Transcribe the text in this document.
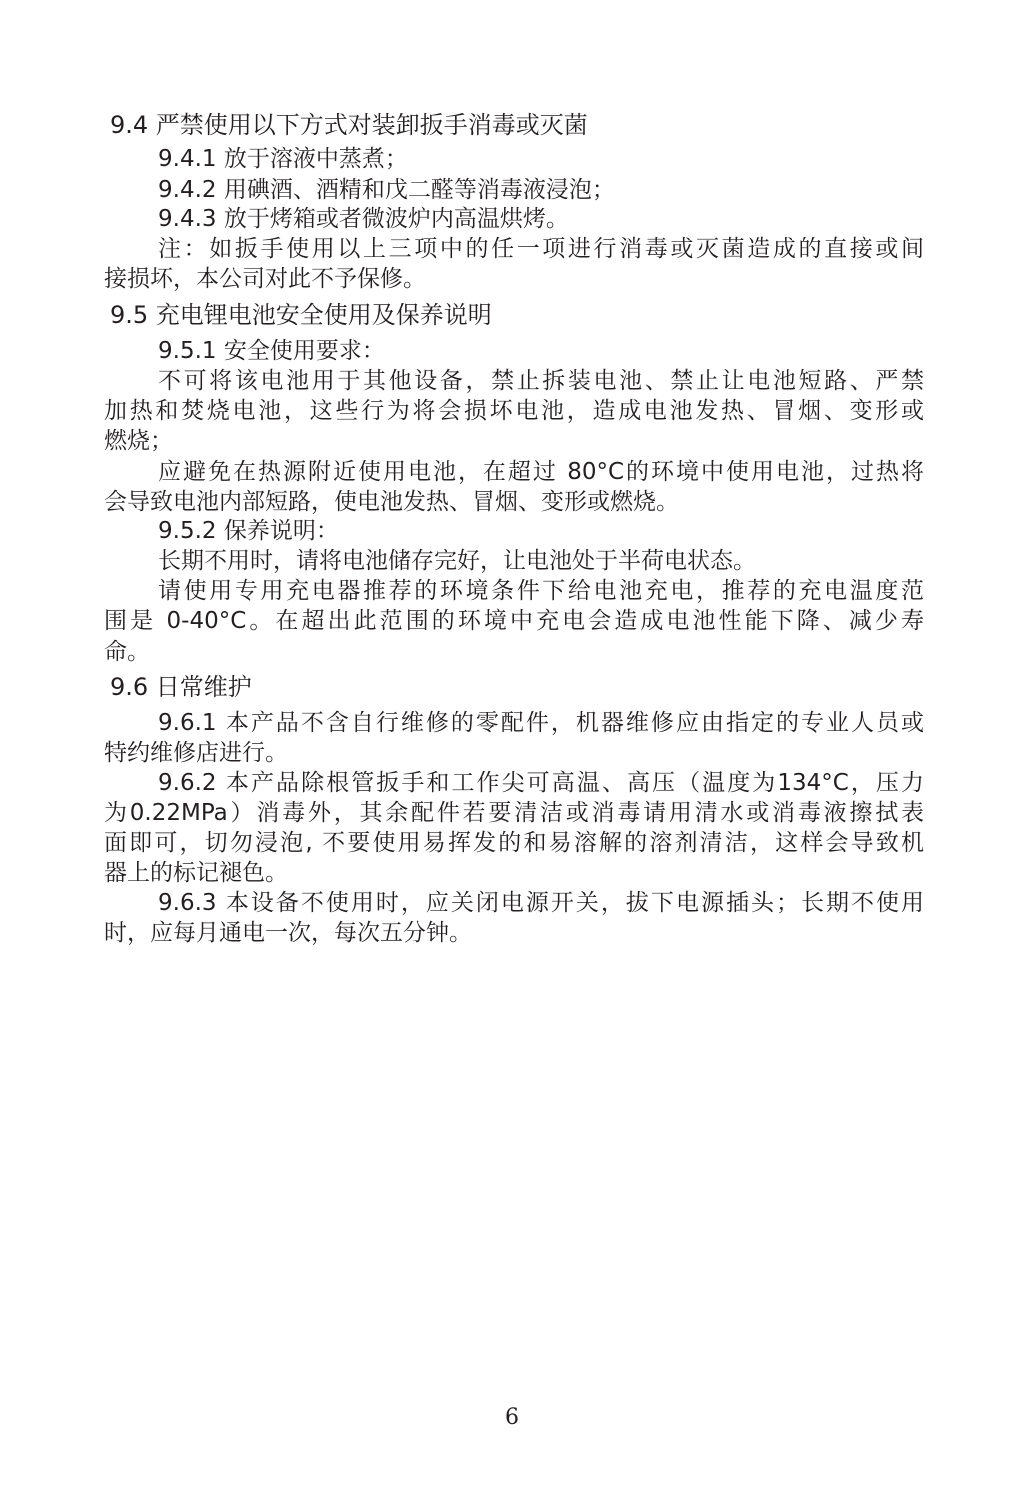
9.4 严禁使用以下方式对装卸扳手消毒或灭菌
9.4.1 放于溶液中蒸煮；
9.4.2 用碘酒、酒精和戊二醛等消毒液浸泡；
9.4.3 放于烤箱或者微波炉内高温烘烤。
注：如扳手使用以上三项中的任一项进行消毒或灭菌造成的直接或间
接损坏，本公司对此不予保修。
9.5 充电锂电池安全使用及保养说明
9.5.1 安全使用要求：
不可将该电池用于其他设备，禁止拆装电池、禁止让电池短路、严禁
加热和焚烧电池，这些行为将会损坏电池，造成电池发热、冒烟、变形或
燃烧；
应避免在热源附近使用电池，在超过 80°C的环境中使用电池，过热将
会导致电池内部短路，使电池发热、冒烟、变形或燃烧。
9.5.2 保养说明：
长期不用时，请将电池储存完好，让电池处于半荷电状态。
请使用专用充电器推荐的环境条件下给电池充电，推荐的充电温度范
围是 0-40°C。在超出此范围的环境中充电会造成电池性能下降、减少寿
命。
9.6 日常维护
9.6.1 本产品不含自行维修的零配件，机器维修应由指定的专业人员或
特约维修店进行。
9.6.2 本产品除根管扳手和工作尖可高温、高压（温度为134°C，压力
为0.22MPa）消毒外，其余配件若要清洁或消毒请用清水或消毒液擦拭表
面即可，切勿浸泡, 不要使用易挥发的和易溶解的溶剂清洁，这样会导致机
器上的标记褪色。
9.6.3 本设备不使用时，应关闭电源开关，拔下电源插头；长期不使用
时，应每月通电一次，每次五分钟。
6
